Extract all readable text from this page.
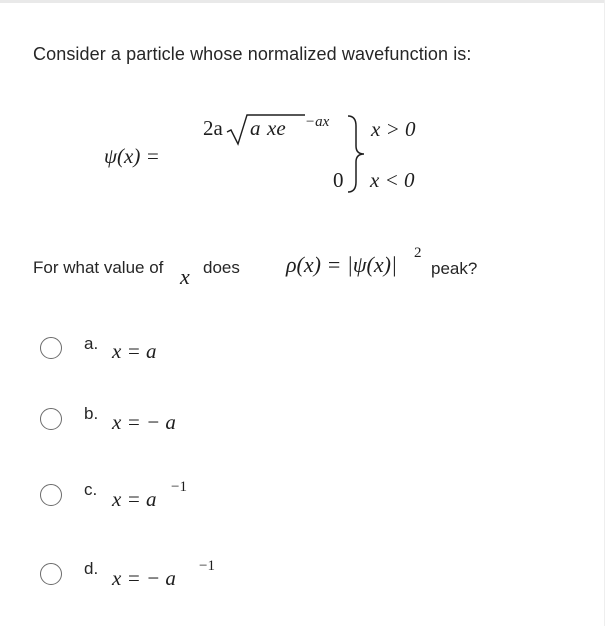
Consider a particle whose normalized wavefunction is:
ψ(x) =
2a a xe −ax
0
x > 0
x < 0
For what value of x does ρ(x) = |ψ(x)| 2
peak?
a. x = a
b. x = − a
c. x = a −1
d. x = − a −1
